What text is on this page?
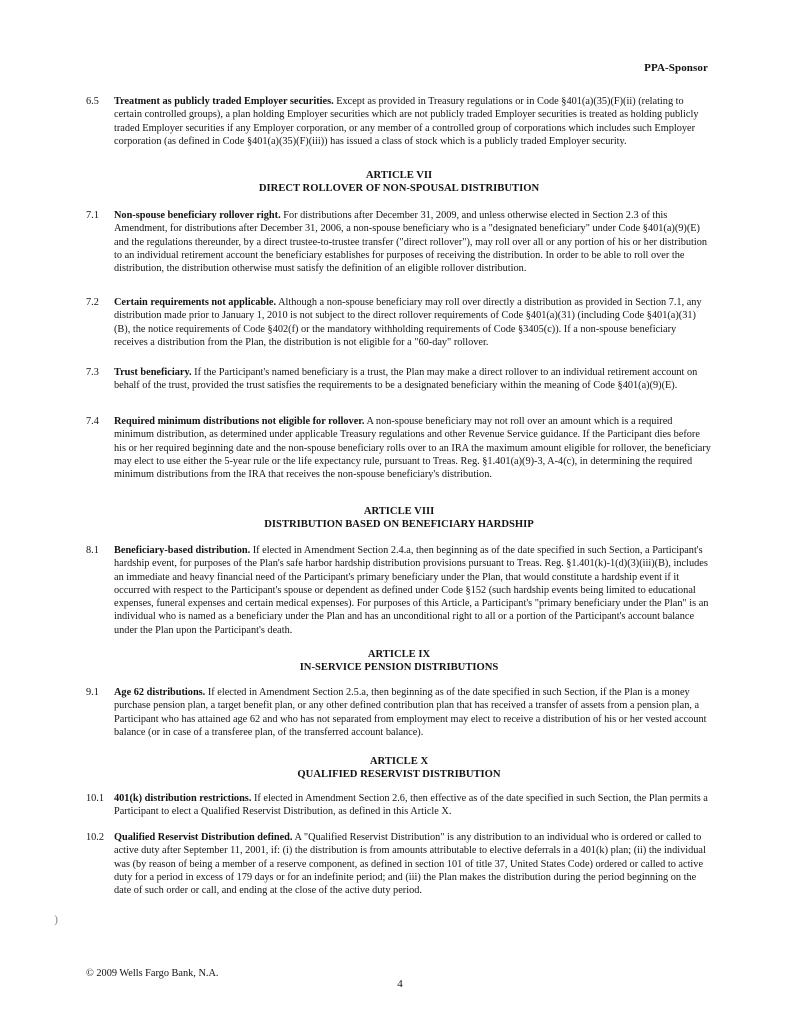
PPA-Sponsor
6.5	Treatment as publicly traded Employer securities. Except as provided in Treasury regulations or in Code §401(a)(35)(F)(ii) (relating to certain controlled groups), a plan holding Employer securities which are not publicly traded Employer securities is treated as holding publicly traded Employer securities if any Employer corporation, or any member of a controlled group of corporations which includes such Employer corporation (as defined in Code §401(a)(35)(F)(iii)) has issued a class of stock which is a publicly traded Employer security.
ARTICLE VII
DIRECT ROLLOVER OF NON-SPOUSAL DISTRIBUTION
7.1	Non-spouse beneficiary rollover right. For distributions after December 31, 2009, and unless otherwise elected in Section 2.3 of this Amendment, for distributions after December 31, 2006, a non-spouse beneficiary who is a "designated beneficiary" under Code §401(a)(9)(E) and the regulations thereunder, by a direct trustee-to-trustee transfer ("direct rollover"), may roll over all or any portion of his or her distribution to an individual retirement account the beneficiary establishes for purposes of receiving the distribution. In order to be able to roll over the distribution, the distribution otherwise must satisfy the definition of an eligible rollover distribution.
7.2	Certain requirements not applicable. Although a non-spouse beneficiary may roll over directly a distribution as provided in Section 7.1, any distribution made prior to January 1, 2010 is not subject to the direct rollover requirements of Code §401(a)(31) (including Code §401(a)(31)(B), the notice requirements of Code §402(f) or the mandatory withholding requirements of Code §3405(c)). If a non-spouse beneficiary receives a distribution from the Plan, the distribution is not eligible for a "60-day" rollover.
7.3	Trust beneficiary. If the Participant's named beneficiary is a trust, the Plan may make a direct rollover to an individual retirement account on behalf of the trust, provided the trust satisfies the requirements to be a designated beneficiary within the meaning of Code §401(a)(9)(E).
7.4	Required minimum distributions not eligible for rollover. A non-spouse beneficiary may not roll over an amount which is a required minimum distribution, as determined under applicable Treasury regulations and other Revenue Service guidance. If the Participant dies before his or her required beginning date and the non-spouse beneficiary rolls over to an IRA the maximum amount eligible for rollover, the beneficiary may elect to use either the 5-year rule or the life expectancy rule, pursuant to Treas. Reg. §1.401(a)(9)-3, A-4(c), in determining the required minimum distributions from the IRA that receives the non-spouse beneficiary's distribution.
ARTICLE VIII
DISTRIBUTION BASED ON BENEFICIARY HARDSHIP
8.1	Beneficiary-based distribution. If elected in Amendment Section 2.4.a, then beginning as of the date specified in such Section, a Participant's hardship event, for purposes of the Plan's safe harbor hardship distribution provisions pursuant to Treas. Reg. §1.401(k)-1(d)(3)(iii)(B), includes an immediate and heavy financial need of the Participant's primary beneficiary under the Plan, that would constitute a hardship event if it occurred with respect to the Participant's spouse or dependent as defined under Code §152 (such hardship events being limited to educational expenses, funeral expenses and certain medical expenses). For purposes of this Article, a Participant's "primary beneficiary under the Plan" is an individual who is named as a beneficiary under the Plan and has an unconditional right to all or a portion of the Participant's account balance under the Plan upon the Participant's death.
ARTICLE IX
IN-SERVICE PENSION DISTRIBUTIONS
9.1	Age 62 distributions. If elected in Amendment Section 2.5.a, then beginning as of the date specified in such Section, if the Plan is a money purchase pension plan, a target benefit plan, or any other defined contribution plan that has received a transfer of assets from a pension plan, a Participant who has attained age 62 and who has not separated from employment may elect to receive a distribution of his or her vested account balance (or in case of a transferee plan, of the transferred account balance).
ARTICLE X
QUALIFIED RESERVIST DISTRIBUTION
10.1 401(k) distribution restrictions. If elected in Amendment Section 2.6, then effective as of the date specified in such Section, the Plan permits a Participant to elect a Qualified Reservist Distribution, as defined in this Article X.
10.2 Qualified Reservist Distribution defined. A "Qualified Reservist Distribution" is any distribution to an individual who is ordered or called to active duty after September 11, 2001, if: (i) the distribution is from amounts attributable to elective deferrals in a 401(k) plan; (ii) the individual was (by reason of being a member of a reserve component, as defined in section 101 of title 37, United States Code) ordered or called to active duty for a period in excess of 179 days or for an indefinite period; and (iii) the Plan makes the distribution during the period beginning on the date of such order or call, and ending at the close of the active duty period.
)
© 2009 Wells Fargo Bank, N.A.
4
